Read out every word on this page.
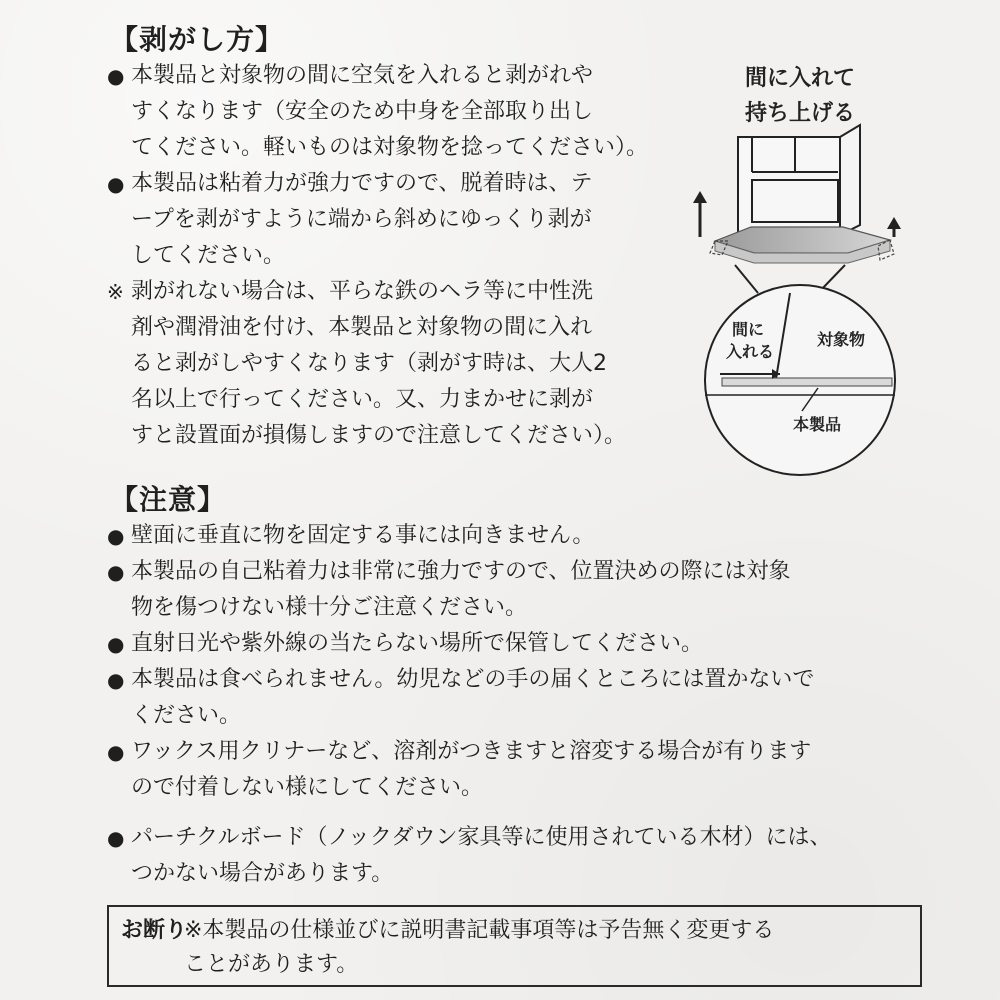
【剥がし方】
● 本製品と対象物の間に空気を入れると剥がれや
すくなります（安全のため中身を全部取り出し
てください。軽いものは対象物を捻ってください）。
● 本製品は粘着力が強力ですので、脱着時は、テ
ープを剥がすように端から斜めにゆっくり剥が
してください。
※ 剥がれない場合は、平らな鉄のヘラ等に中性洗
剤や潤滑油を付け、本製品と対象物の間に入れ
ると剥がしやすくなります（剥がす時は、大人2
名以上で行ってください。又、力まかせに剥が
すと設置面が損傷しますので注意してください）。
間に入れて
持ち上げる
間に
入れる
対象物
本製品
【注意】
● 壁面に垂直に物を固定する事には向きません。
● 本製品の自己粘着力は非常に強力ですので、位置決めの際には対象
物を傷つけない様十分ご注意ください。
● 直射日光や紫外線の当たらない場所で保管してください。
● 本製品は食べられません。幼児などの手の届くところには置かないで
ください。
● ワックス用クリナーなど、溶剤がつきますと溶変する場合が有ります
ので付着しない様にしてください。
● パーチクルボード（ノックダウン家具等に使用されている木材）には、
つかない場合があります。
お断り
※本製品の仕様並びに説明書記載事項等は予告無く変更する
ことがあります。
